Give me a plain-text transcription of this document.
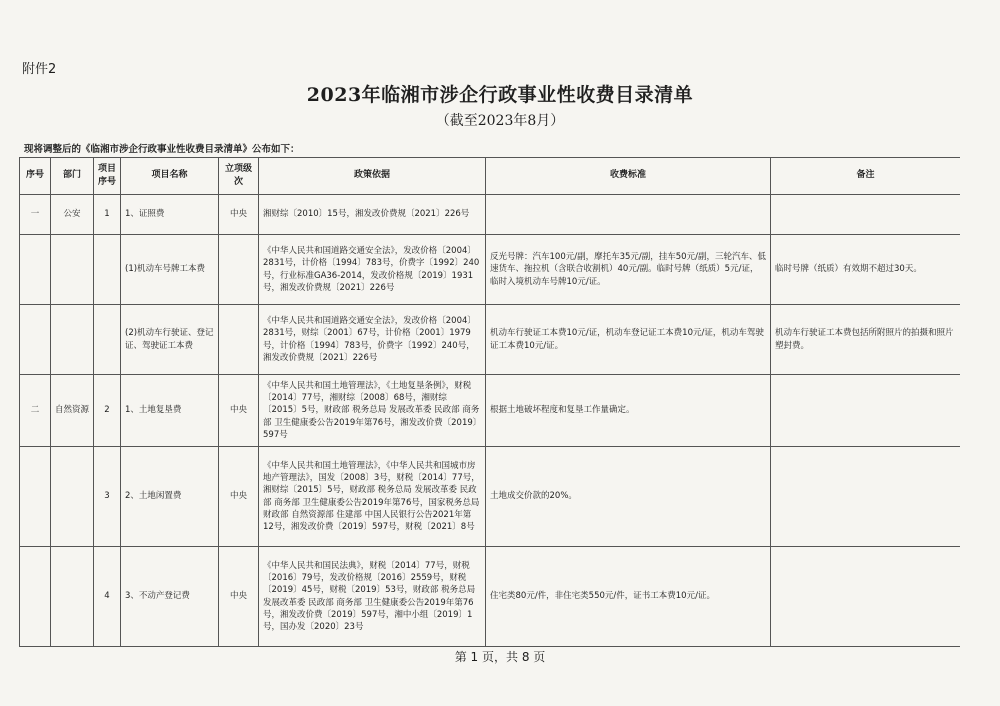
附件2
2023年临湘市涉企行政事业性收费目录清单
（截至2023年8月）
现将调整后的《临湘市涉企行政事业性收费目录清单》公布如下：
序号	部门	项目序号	项目名称	立项级次	政策依据	收费标准	备注
一	公安	1	1、证照费	中央	湘财综〔2010〕15号，湘发改价费规〔2021〕226号		
			(1)机动车号牌工本费		《中华人民共和国道路交通安全法》，发改价格〔2004〕2831号，计价格〔1994〕783号，价费字〔1992〕240号，行业标准GA36-2014，发改价格规〔2019〕1931号，湘发改价费规〔2021〕226号	反光号牌：汽车100元/副，摩托车35元/副，挂车50元/副，三轮汽车、低速货车、拖拉机（含联合收割机）40元/副。临时号牌（纸质）5元/证，临时入境机动车号牌10元/证。	临时号牌（纸质）有效期不超过30天。
			(2)机动车行驶证、登记证、驾驶证工本费		《中华人民共和国道路交通安全法》，发改价格〔2004〕2831号，财综〔2001〕67号，计价格〔2001〕1979号，计价格〔1994〕783号，价费字〔1992〕240号，湘发改价费规〔2021〕226号	机动车行驶证工本费10元/证，机动车登记证工本费10元/证，机动车驾驶证工本费10元/证。	机动车行驶证工本费包括所附照片的拍摄和照片塑封费。
二	自然资源	2	1、土地复垦费	中央	《中华人民共和国土地管理法》，《土地复垦条例》，财税〔2014〕77号，湘财综〔2008〕68号，湘财综〔2015〕5号，财政部 税务总局 发展改革委 民政部 商务部 卫生健康委公告2019年第76号，湘发改价费〔2019〕597号	根据土地破坏程度和复垦工作量确定。	
		3	2、土地闲置费	中央	《中华人民共和国土地管理法》，《中华人民共和国城市房地产管理法》，国发〔2008〕3号，财税〔2014〕77号，湘财综〔2015〕5号，财政部 税务总局 发展改革委 民政部 商务部 卫生健康委公告2019年第76号，国家税务总局 财政部 自然资源部 住建部 中国人民银行公告2021年第12号，湘发改价费〔2019〕597号，财税〔2021〕8号	土地成交价款的20%。	
		4	3、不动产登记费	中央	《中华人民共和国民法典》，财税〔2014〕77号，财税〔2016〕79号，发改价格规〔2016〕2559号，财税〔2019〕45号，财税〔2019〕53号，财政部 税务总局 发展改革委 民政部 商务部 卫生健康委公告2019年第76号，湘发改价费〔2019〕597号，湘中小组〔2019〕1号，国办发〔2020〕23号	住宅类80元/件，非住宅类550元/件，证书工本费10元/证。	
第 1 页，共 8 页
